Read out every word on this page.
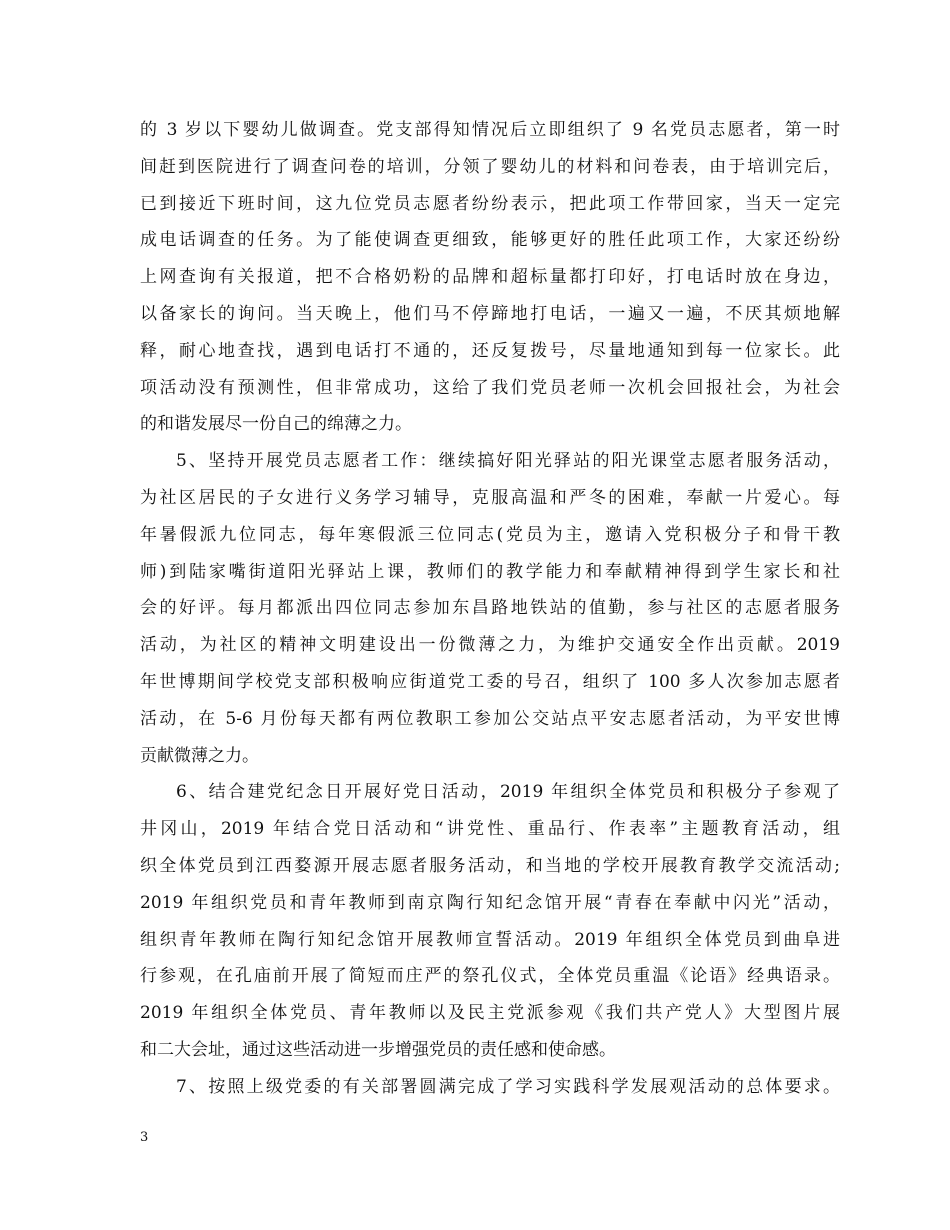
的 3 岁以下婴幼儿做调查。党支部得知情况后立即组织了 9 名党员志愿者，第一时
间赶到医院进行了调查问卷的培训，分领了婴幼儿的材料和问卷表，由于培训完后，
已到接近下班时间，这九位党员志愿者纷纷表示，把此项工作带回家，当天一定完
成电话调查的任务。为了能使调查更细致，能够更好的胜任此项工作，大家还纷纷
上网查询有关报道，把不合格奶粉的品牌和超标量都打印好，打电话时放在身边，
以备家长的询问。当天晚上，他们马不停蹄地打电话，一遍又一遍，不厌其烦地解
释，耐心地查找，遇到电话打不通的，还反复拨号，尽量地通知到每一位家长。此
项活动没有预测性，但非常成功，这给了我们党员老师一次机会回报社会，为社会
的和谐发展尽一份自己的绵薄之力。
5、坚持开展党员志愿者工作：继续搞好阳光驿站的阳光课堂志愿者服务活动，
为社区居民的子女进行义务学习辅导，克服高温和严冬的困难，奉献一片爱心。每
年暑假派九位同志，每年寒假派三位同志(党员为主，邀请入党积极分子和骨干教
师)到陆家嘴街道阳光驿站上课，教师们的教学能力和奉献精神得到学生家长和社
会的好评。每月都派出四位同志参加东昌路地铁站的值勤，参与社区的志愿者服务
活动，为社区的精神文明建设出一份微薄之力，为维护交通安全作出贡献。2019
年世博期间学校党支部积极响应街道党工委的号召，组织了 100 多人次参加志愿者
活动，在 5-6 月份每天都有两位教职工参加公交站点平安志愿者活动，为平安世博
贡献微薄之力。
6、结合建党纪念日开展好党日活动，2019 年组织全体党员和积极分子参观了
井冈山，2019 年结合党日活动和“讲党性、重品行、作表率”主题教育活动，组
织全体党员到江西婺源开展志愿者服务活动，和当地的学校开展教育教学交流活动;
2019 年组织党员和青年教师到南京陶行知纪念馆开展“青春在奉献中闪光”活动，
组织青年教师在陶行知纪念馆开展教师宣誓活动。2019 年组织全体党员到曲阜进
行参观，在孔庙前开展了简短而庄严的祭孔仪式，全体党员重温《论语》经典语录。
2019 年组织全体党员、青年教师以及民主党派参观《我们共产党人》大型图片展
和二大会址，通过这些活动进一步增强党员的责任感和使命感。
7、按照上级党委的有关部署圆满完成了学习实践科学发展观活动的总体要求。
3
